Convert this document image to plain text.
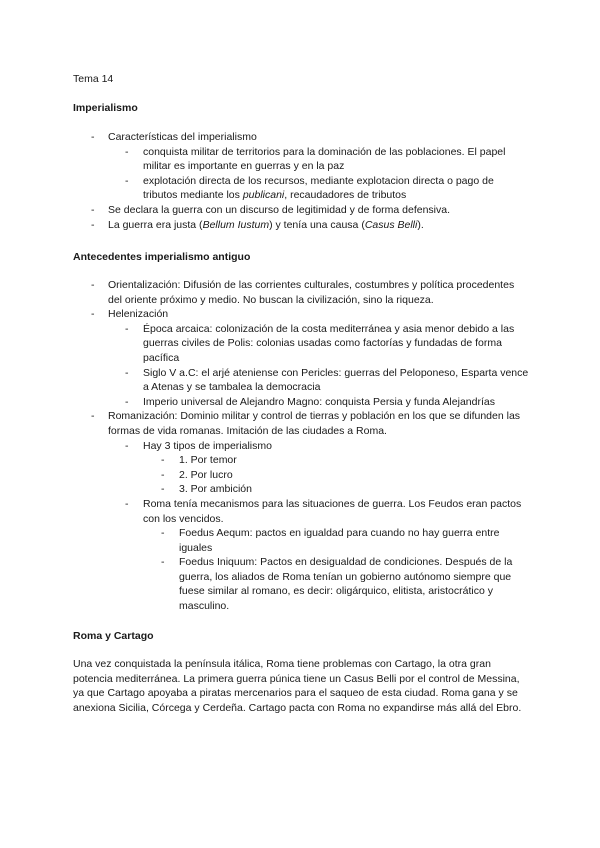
Tema 14
Imperialismo
- Características del imperialismo
- conquista militar de territorios para la dominación de las poblaciones. El papel militar es importante en guerras y en la paz
- explotación directa de los recursos, mediante explotacion directa o pago de tributos mediante los publicani, recaudadores de tributos
- Se declara la guerra con un discurso de legitimidad y de forma defensiva.
- La guerra era justa (Bellum Iustum) y tenía una causa (Casus Belli).
Antecedentes imperialismo antiguo
- Orientalización: Difusión de las corrientes culturales, costumbres y política procedentes del oriente próximo y medio. No buscan la civilización, sino la riqueza.
- Helenización
- Época arcaica: colonización de la costa mediterránea y asia menor debido a las guerras civiles de Polis: colonias usadas como factorías y fundadas de forma pacífica
- Siglo V a.C: el arjé ateniense con Pericles: guerras del Peloponeso, Esparta vence a Atenas y se tambalea la democracia
- Imperio universal de Alejandro Magno: conquista Persia y funda Alejandrías
- Romanización: Dominio militar y control de tierras y población en los que se difunden las formas de vida romanas. Imitación de las ciudades a Roma.
- Hay 3 tipos de imperialismo
- 1. Por temor
- 2. Por lucro
- 3. Por ambición
- Roma tenía mecanismos para las situaciones de guerra. Los Feudos eran pactos con los vencidos.
- Foedus Aequm: pactos en igualdad para cuando no hay guerra entre iguales
- Foedus Iniquum: Pactos en desigualdad de condiciones. Después de la guerra, los aliados de Roma tenían un gobierno autónomo siempre que fuese similar al romano, es decir: oligárquico, elitista, aristocrático y masculino.
Roma y Cartago

Una vez conquistada la península itálica, Roma tiene problemas con Cartago, la otra gran potencia mediterránea. La primera guerra púnica tiene un Casus Belli por el control de Messina, ya que Cartago apoyaba a piratas mercenarios para el saqueo de esta ciudad. Roma gana y se anexiona Sicilia, Córcega y Cerdeña. Cartago pacta con Roma no expandirse más allá del Ebro.
